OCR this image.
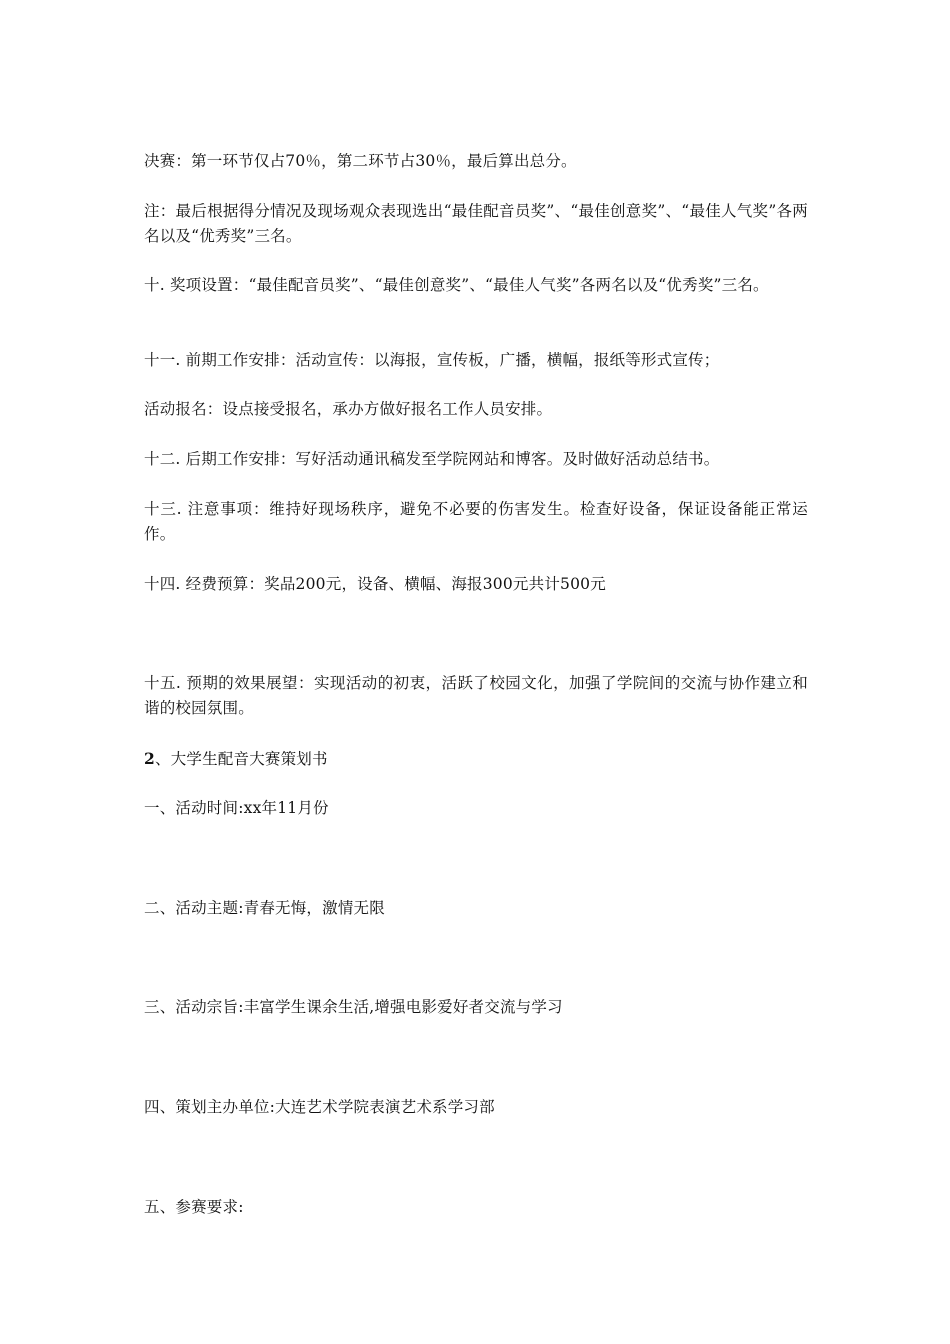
决赛：第一环节仅占70％，第二环节占30％，最后算出总分。

注：最后根据得分情况及现场观众表现选出“最佳配音员奖”、“最佳创意奖”、“最佳人气奖”各两名以及“优秀奖”三名。

十. 奖项设置：“最佳配音员奖”、“最佳创意奖”、“最佳人气奖”各两名以及“优秀奖”三名。

十一. 前期工作安排：活动宣传：以海报，宣传板，广播，横幅，报纸等形式宣传；

活动报名：设点接受报名，承办方做好报名工作人员安排。

十二. 后期工作安排：写好活动通讯稿发至学院网站和博客。及时做好活动总结书。

十三. 注意事项：维持好现场秩序，避免不必要的伤害发生。检查好设备，保证设备能正常运作。

十四. 经费预算：奖品200元，设备、横幅、海报300元共计500元

十五. 预期的效果展望：实现活动的初衷，活跃了校园文化，加强了学院间的交流与协作建立和谐的校园氛围。

2、大学生配音大赛策划书

一、活动时间:xx年11月份

二、活动主题:青春无悔，激情无限

三、活动宗旨:丰富学生课余生活,增强电影爱好者交流与学习

四、策划主办单位:大连艺术学院表演艺术系学习部

五、参赛要求:
